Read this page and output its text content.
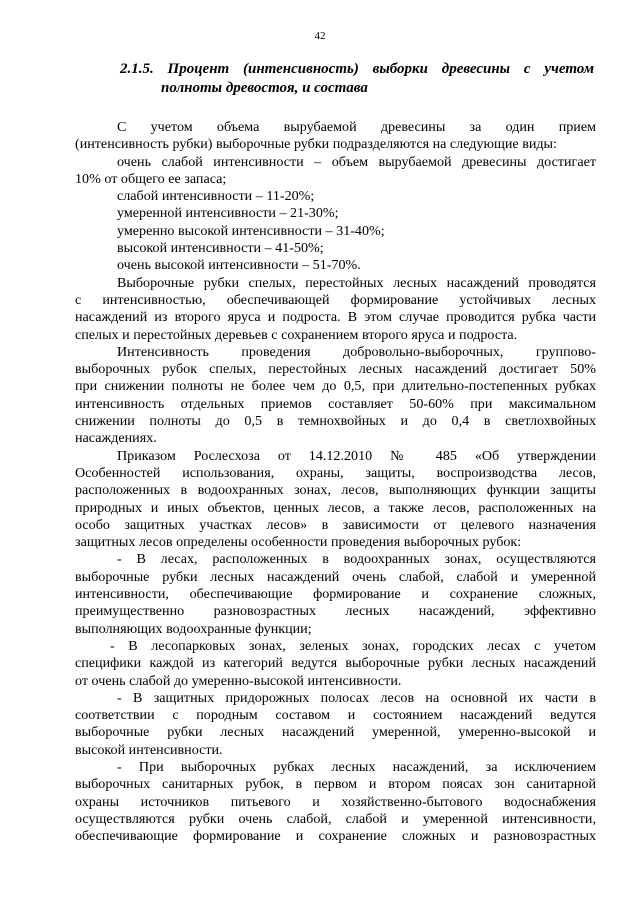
42
2.1.5. Процент (интенсивность) выборки древесины с учетом
полноты древостоя, и состава
С учетом объема вырубаемой древесины за один прием
(интенсивность рубки) выборочные рубки подразделяются на следующие виды:
очень слабой интенсивности – объем вырубаемой древесины достигает
10% от общего ее запаса;
слабой интенсивности – 11-20%;
умеренной интенсивности – 21-30%;
умеренно высокой интенсивности – 31-40%;
высокой интенсивности – 41-50%;
очень высокой интенсивности – 51-70%.
Выборочные рубки спелых, перестойных лесных насаждений проводятся
с интенсивностью, обеспечивающей формирование устойчивых лесных
насаждений из второго яруса и подроста. В этом случае проводится рубка части
спелых и перестойных деревьев с сохранением второго яруса и подроста.
Интенсивность проведения добровольно-выборочных, группово-
выборочных рубок спелых, перестойных лесных насаждений достигает 50%
при снижении полноты не более чем до 0,5, при длительно-постепенных рубках
интенсивность отдельных приемов составляет 50-60% при максимальном
снижении полноты до 0,5 в темнохвойных и до 0,4 в светлохвойных
насаждениях.
Приказом Рослесхоза от 14.12.2010 № 485 «Об утверждении
Особенностей использования, охраны, защиты, воспроизводства лесов,
расположенных в водоохранных зонах, лесов, выполняющих функции защиты
природных и иных объектов, ценных лесов, а также лесов, расположенных на
особо защитных участках лесов» в зависимости от целевого назначения
защитных лесов определены особенности проведения выборочных рубок:
- В лесах, расположенных в водоохранных зонах, осуществляются
выборочные рубки лесных насаждений очень слабой, слабой и умеренной
интенсивности, обеспечивающие формирование и сохранение сложных,
преимущественно разновозрастных лесных насаждений, эффективно
выполняющих водоохранные функции;
- В лесопарковых зонах, зеленых зонах, городских лесах с учетом
специфики каждой из категорий ведутся выборочные рубки лесных насаждений
от очень слабой до умеренно-высокой интенсивности.
- В защитных придорожных полосах лесов на основной их части в
соответствии с породным составом и состоянием насаждений ведутся
выборочные рубки лесных насаждений умеренной, умеренно-высокой и
высокой интенсивности.
- При выборочных рубках лесных насаждений, за исключением
выборочных санитарных рубок, в первом и втором поясах зон санитарной
охраны источников питьевого и хозяйственно-бытового водоснабжения
осуществляются рубки очень слабой, слабой и умеренной интенсивности,
обеспечивающие формирование и сохранение сложных и разновозрастных
